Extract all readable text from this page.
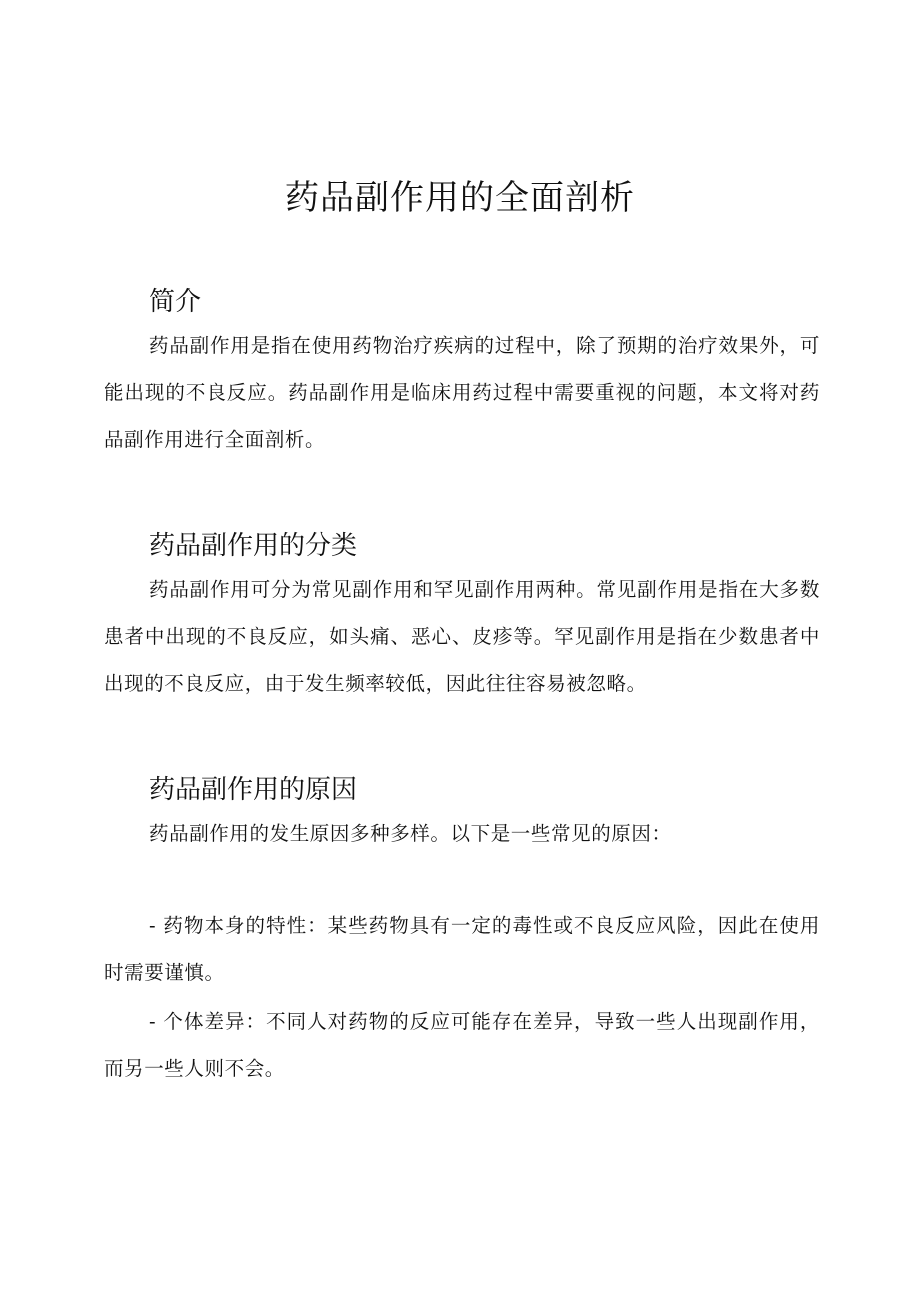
药品副作用的全面剖析
简介

药品副作用是指在使用药物治疗疾病的过程中，除了预期的治疗效果外，可能出现的不良反应。药品副作用是临床用药过程中需要重视的问题，本文将对药品副作用进行全面剖析。

药品副作用的分类

药品副作用可分为常见副作用和罕见副作用两种。常见副作用是指在大多数患者中出现的不良反应，如头痛、恶心、皮疹等。罕见副作用是指在少数患者中出现的不良反应，由于发生频率较低，因此往往容易被忽略。

药品副作用的原因

药品副作用的发生原因多种多样。以下是一些常见的原因：

- 药物本身的特性：某些药物具有一定的毒性或不良反应风险，因此在使用时需要谨慎。

- 个体差异：不同人对药物的反应可能存在差异，导致一些人出现副作用，而另一些人则不会。
